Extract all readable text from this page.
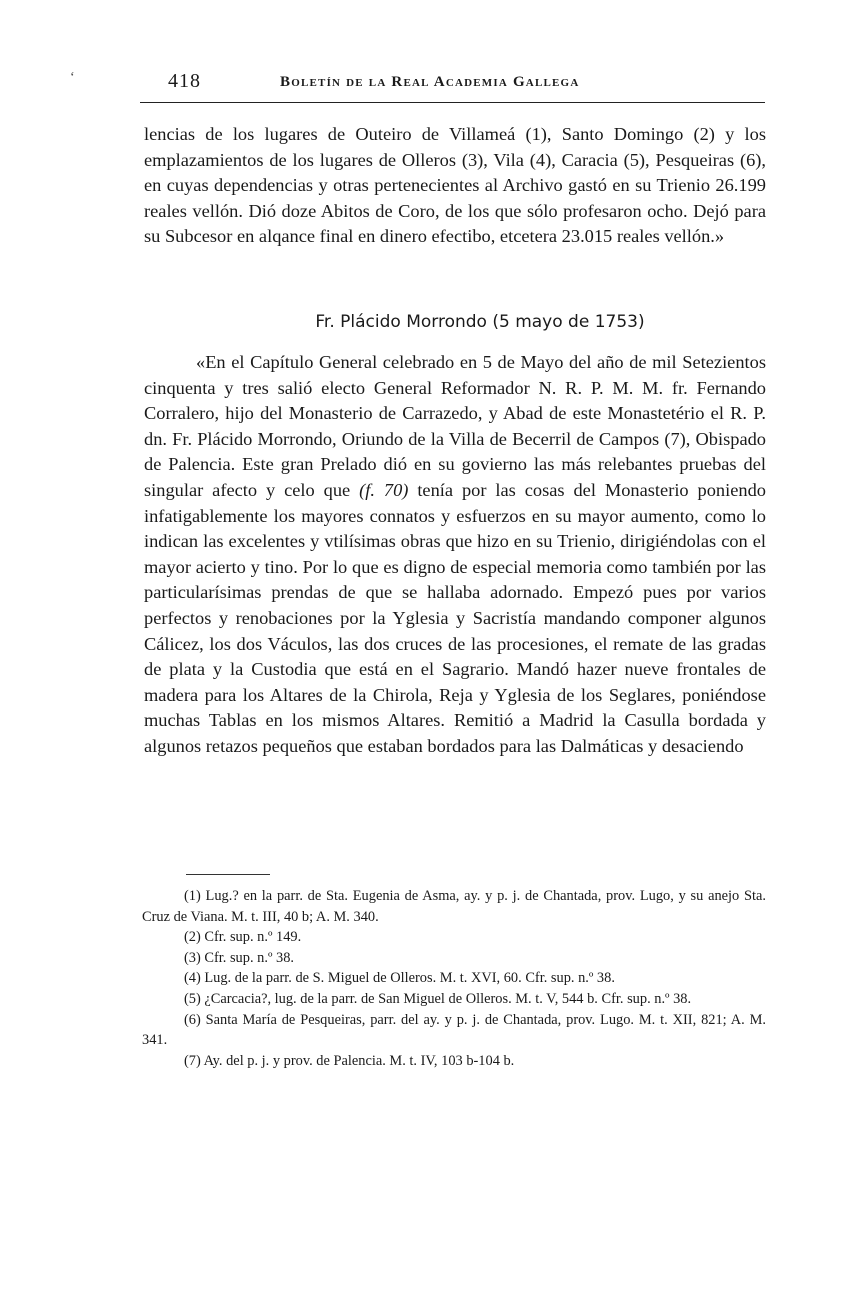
‘	418	Boletín de la Real Academia Gallega

lencias de los lugares de Outeiro de Villameá (1), Santo Domingo (2) y los emplazamientos de los lugares de Olleros (3), Vila (4), Caracia (5), Pesqueiras (6), en cuyas dependencias y otras pertenecientes al Archivo gastó en su Trienio 26.199 reales vellón. Dió doze Abitos de Coro, de los que sólo profesaron ocho. Dejó para su Subcesor en alqance final en dinero efectibo, etcetera 23.015 reales vellón.»

Fr. Plácido Morrondo (5 mayo de 1753)

«En el Capítulo General celebrado en 5 de Mayo del año de mil Setezientos cinquenta y tres salió electo General Reformador N. R. P. M. M. fr. Fernando Corralero, hijo del Monasterio de Carrazedo, y Abad de este Monastetério el R. P. dn. Fr. Plácido Morrondo, Oriundo de la Villa de Becerril de Campos (7), Obispado de Palencia. Este gran Prelado dió en su govierno las más relebantes pruebas del singular afecto y celo que (f. 70) tenía por las cosas del Monasterio poniendo infatigablemente los mayores connatos y esfuerzos en su mayor aumento, como lo indican las excelentes y vtilísimas obras que hizo en su Trienio, dirigiéndolas con el mayor acierto y tino. Por lo que es digno de especial memoria como también por las particularísimas prendas de que se hallaba adornado. Empezó pues por varios perfectos y renobaciones por la Yglesia y Sacristía mandando componer algunos Cálicez, los dos Váculos, las dos cruces de las procesiones, el remate de las gradas de plata y la Custodia que está en el Sagrario. Mandó hazer nueve frontales de madera para los Altares de la Chirola, Reja y Yglesia de los Seglares, poniéndose muchas Tablas en los mismos Altares. Remitió a Madrid la Casulla bordada y algunos retazos pequeños que estaban bordados para las Dalmáticas y desaciendo

(1) Lug.? en la parr. de Sta. Eugenia de Asma, ay. y p. j. de Chantada, prov. Lugo, y su anejo Sta. Cruz de Viana. M. t. III, 40 b; A. M. 340.

(2) Cfr. sup. n.º 149.

(3) Cfr. sup. n.º 38.

(4) Lug. de la parr. de S. Miguel de Olleros. M. t. XVI, 60. Cfr. sup. n.º 38.

(5) ¿Carcacia?, lug. de la parr. de San Miguel de Olleros. M. t. V, 544 b. Cfr. sup. n.º 38.

(6) Santa María de Pesqueiras, parr. del ay. y p. j. de Chantada, prov. Lugo. M. t. XII, 821; A. M. 341.

(7) Ay. del p. j. y prov. de Palencia. M. t. IV, 103 b-104 b.
